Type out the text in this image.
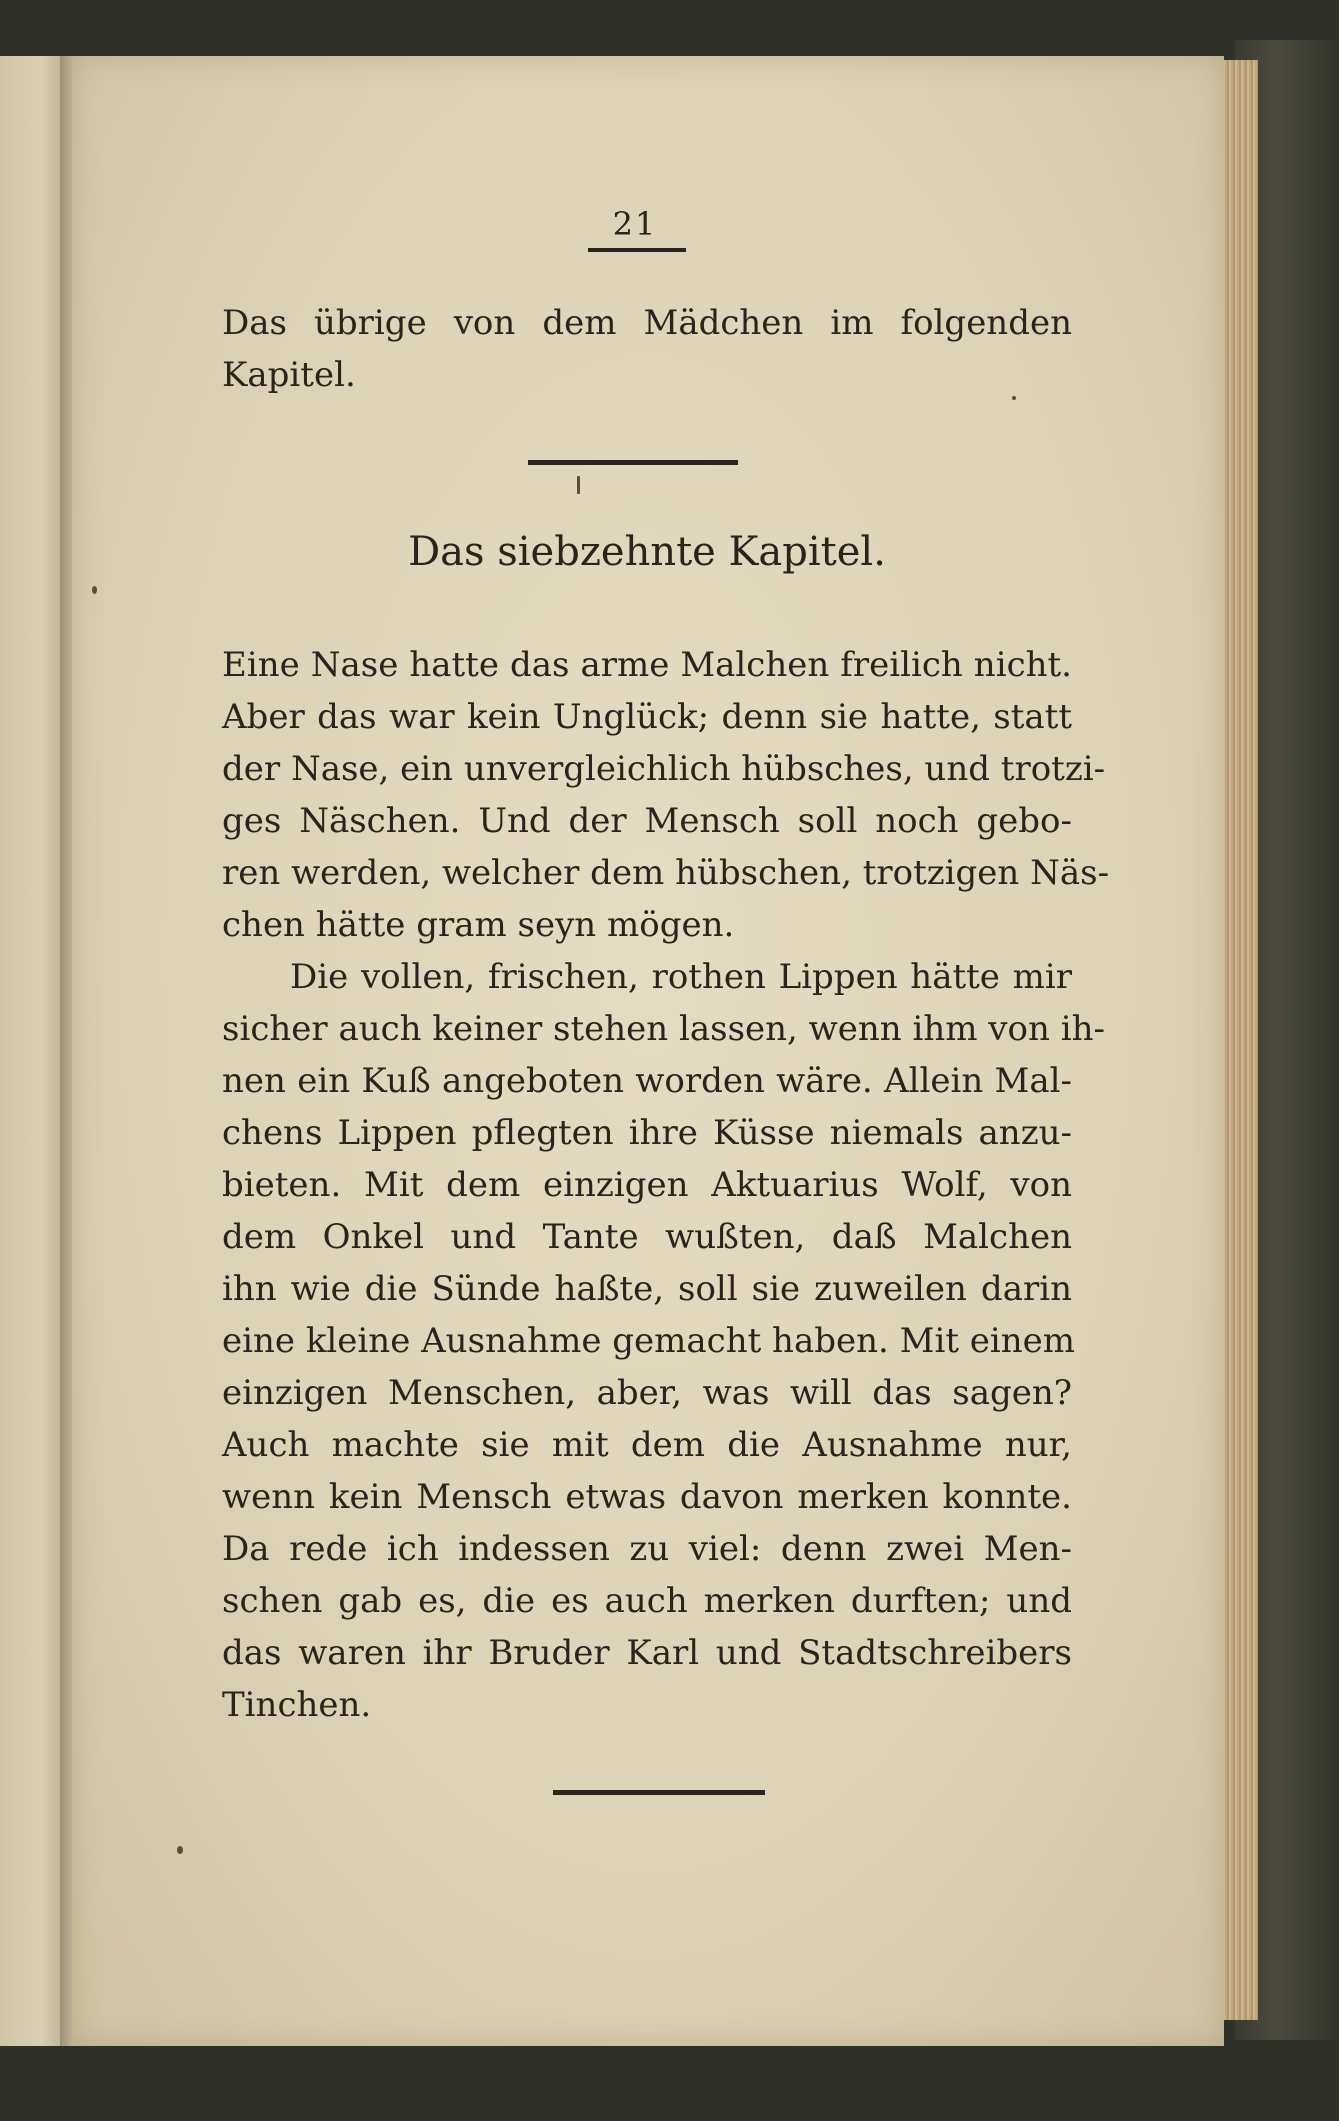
21
Das übrige von dem Mädchen im folgenden
Kapitel.
Das siebzehnte Kapitel.
Eine Nase hatte das arme Malchen freilich nicht.
Aber das war kein Unglück; denn sie hatte, statt
der Nase, ein unvergleichlich hübsches, und trotzi-
ges Näschen. Und der Mensch soll noch gebo-
ren werden, welcher dem hübschen, trotzigen Näs-
chen hätte gram seyn mögen.
Die vollen, frischen, rothen Lippen hätte mir
sicher auch keiner stehen lassen, wenn ihm von ih-
nen ein Kuß angeboten worden wäre. Allein Mal-
chens Lippen pflegten ihre Küsse niemals anzu-
bieten. Mit dem einzigen Aktuarius Wolf, von
dem Onkel und Tante wußten, daß Malchen
ihn wie die Sünde haßte, soll sie zuweilen darin
eine kleine Ausnahme gemacht haben. Mit einem
einzigen Menschen, aber, was will das sagen?
Auch machte sie mit dem die Ausnahme nur,
wenn kein Mensch etwas davon merken konnte.
Da rede ich indessen zu viel: denn zwei Men-
schen gab es, die es auch merken durften; und
das waren ihr Bruder Karl und Stadtschreibers
Tinchen.
